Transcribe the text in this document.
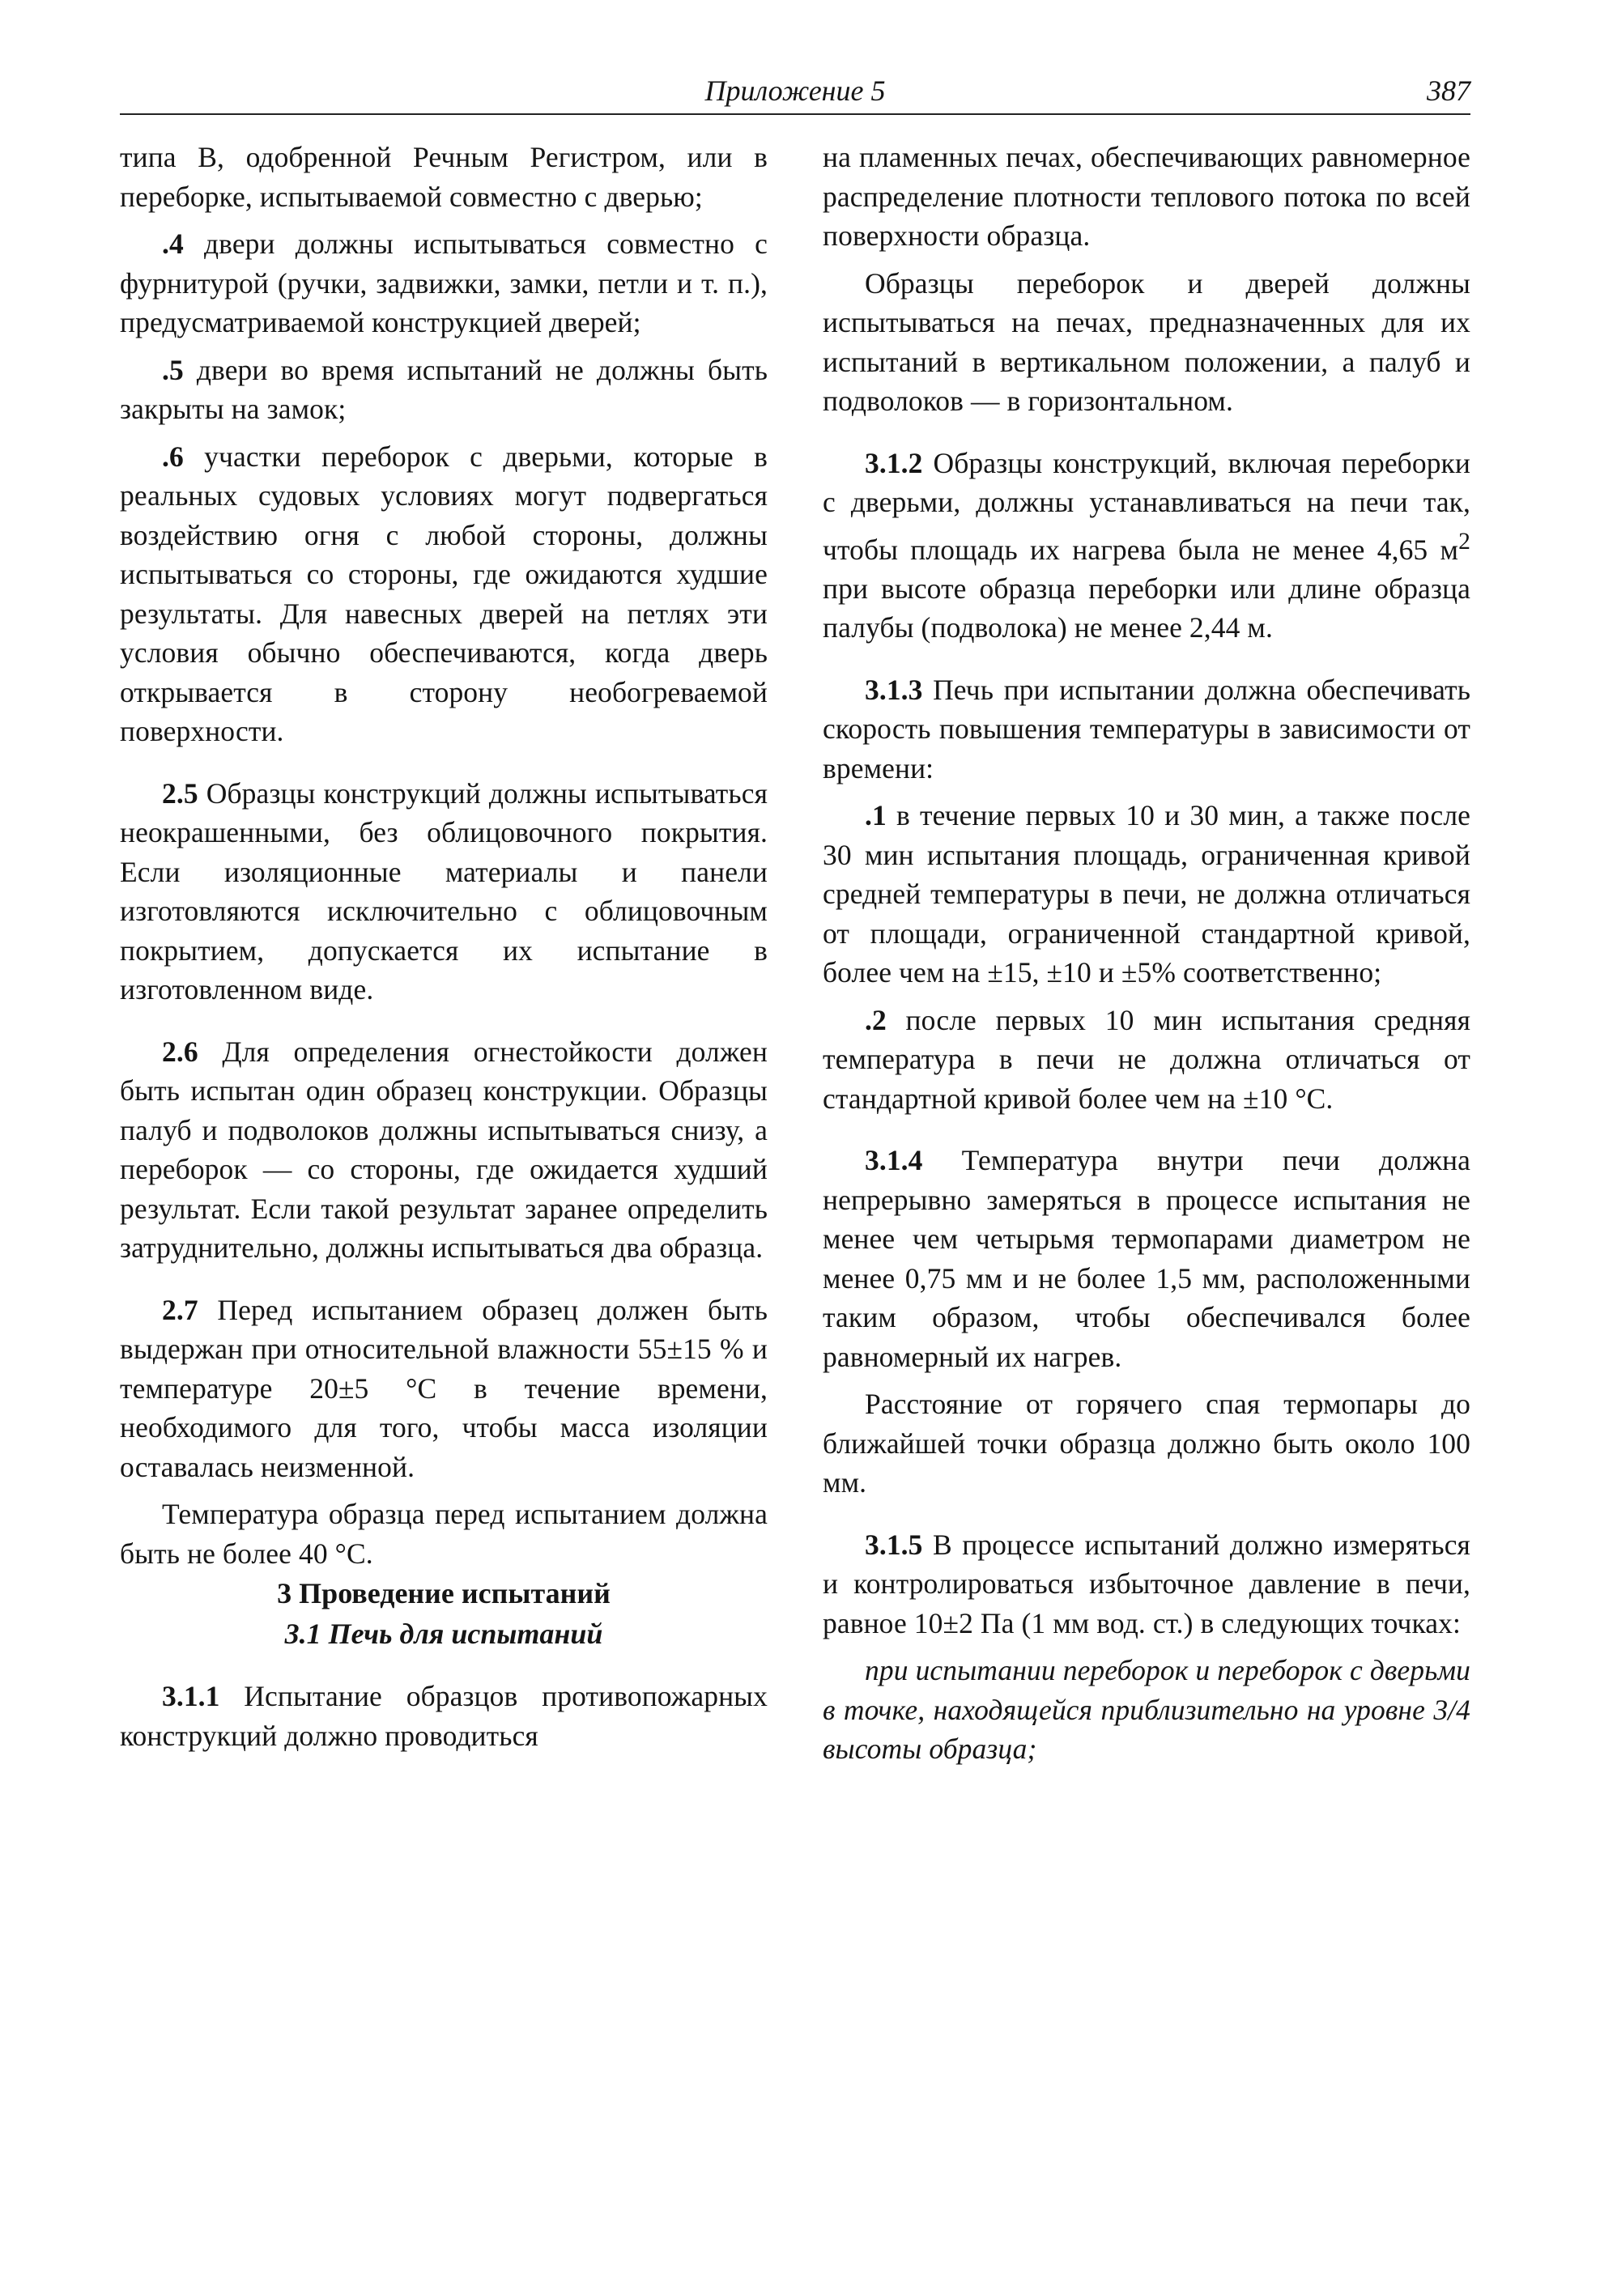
Приложение 5	387

типа В, одобренной Речным Регистром, или в переборке, испытываемой совместно с дверью;

.4 двери должны испытываться совместно с фурнитурой (ручки, задвижки, замки, петли и т. п.), предусматриваемой конструкцией дверей;

.5 двери во время испытаний не должны быть закрыты на замок;

.6 участки переборок с дверьми, которые в реальных судовых условиях могут подвергаться воздействию огня с любой стороны, должны испытываться со стороны, где ожидаются худшие результаты. Для навесных дверей на петлях эти условия обычно обеспечиваются, когда дверь открывается в сторону необогреваемой поверхности.

2.5 Образцы конструкций должны испытываться неокрашенными, без облицовочного покрытия. Если изоляционные материалы и панели изготовляются исключительно с облицовочным покрытием, допускается их испытание в изготовленном виде.

2.6 Для определения огнестойкости должен быть испытан один образец конструкции. Образцы палуб и подволоков должны испытываться снизу, а переборок — со стороны, где ожидается худший результат. Если такой результат заранее определить затруднительно, должны испытываться два образца.

2.7 Перед испытанием образец должен быть выдержан при относительной влажности 55±15 % и температуре 20±5 °С в течение времени, необходимого для того, чтобы масса изоляции оставалась неизменной.

Температура образца перед испытанием должна быть не более 40 °С.

3 Проведение испытаний

3.1 Печь для испытаний

3.1.1 Испытание образцов противопожарных конструкций должно проводиться

на пламенных печах, обеспечивающих равномерное распределение плотности теплового потока по всей поверхности образца.

Образцы переборок и дверей должны испытываться на печах, предназначенных для их испытаний в вертикальном положении, а палуб и подволоков — в горизонтальном.

3.1.2 Образцы конструкций, включая переборки с дверьми, должны устанавливаться на печи так, чтобы площадь их нагрева была не менее 4,65 $м^2$ при высоте образца переборки или длине образца палубы (подволока) не менее 2,44 м.

3.1.3 Печь при испытании должна обеспечивать скорость повышения температуры в зависимости от времени:

.1 в течение первых 10 и 30 мин, а также после 30 мин испытания площадь, ограниченная кривой средней температуры в печи, не должна отличаться от площади, ограниченной стандартной кривой, более чем на ±15, ±10 и ±5% соответственно;

.2 после первых 10 мин испытания средняя температура в печи не должна отличаться от стандартной кривой более чем на ±10 °С.

3.1.4 Температура внутри печи должна непрерывно замеряться в процессе испытания не менее чем четырьмя термопарами диаметром не менее 0,75 мм и не более 1,5 мм, расположенными таким образом, чтобы обеспечивался более равномерный их нагрев.

Расстояние от горячего спая термопары до ближайшей точки образца должно быть около 100 мм.

3.1.5 В процессе испытаний должно измеряться и контролироваться избыточное давление в печи, равное 10±2 Па (1 мм вод. ст.) в следующих точках:

при испытании переборок и переборок с дверьми в точке, находящейся приблизительно на уровне 3/4 высоты образца;
